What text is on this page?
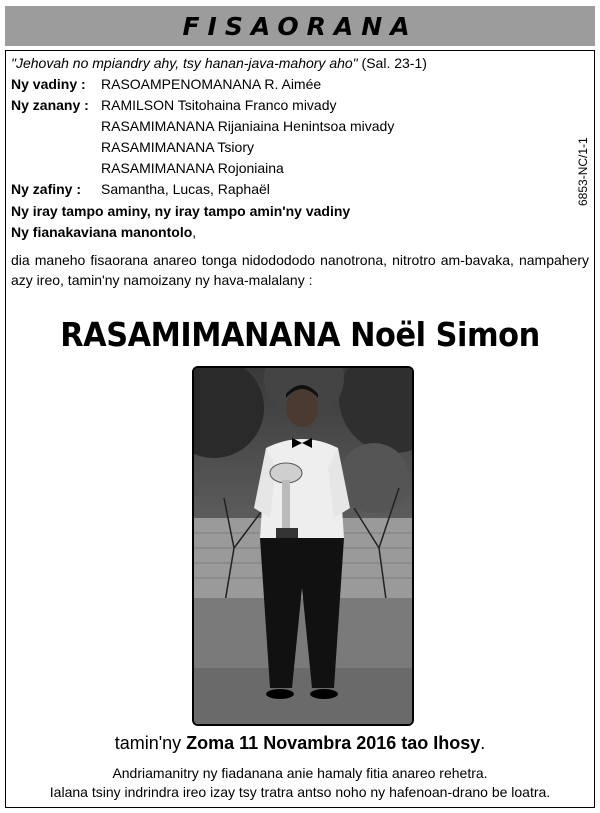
FISAORANA
"Jehovah no mpiandry ahy, tsy hanan-java-mahory aho" (Sal. 23-1)
Ny vadiny : RASOAMPENOMANANA R. Aimée
Ny zanany : RAMILSON Tsitohaina Franco mivady
RASAMIMANANA Rijaniaina Henintsoa mivady
RASAMIMANANA Tsiory
RASAMIMANANA Rojoniaina
Ny zafiny : Samantha, Lucas, Raphaël
Ny iray tampo aminy, ny iray tampo amin'ny vadiny
Ny fianakaviana manontolo,
6853-NC/1-1
dia maneho fisaorana anareo tonga nidodododo nanotrona, nitrotro am-bavaka, nampahery azy ireo, tamin'ny namoizany ny hava-malalany :
RASAMIMANANA Noël Simon
tamin'ny Zoma 11 Novambra 2016 tao Ihosy.
Andriamanitry ny fiadanana anie hamaly fitia anareo rehetra.
Ialana tsiny indrindra ireo izay tsy tratra antso noho ny hafenoan-drano be loatra.
